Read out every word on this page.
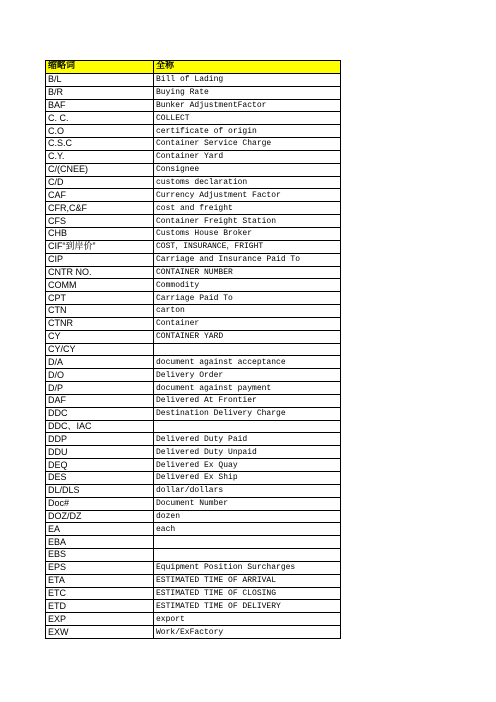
缩略词	全称
B/L	Bill of Lading
B/R	Buying Rate
BAF	Bunker AdjustmentFactor
C. C.	COLLECT
C.O	certificate of origin
C.S.C	Container Service Charge
C.Y.	Container Yard
C/(CNEE)	Consignee
C/D	customs declaration
CAF	Currency Adjustment Factor
CFR,C&F	cost and freight
CFS	Container Freight Station
CHB	Customs House Broker
CIF“到岸价”	COST，INSURANCE，FRIGHT
CIP	Carriage and Insurance Paid To
CNTR NO.	CONTAINER NUMBER
COMM	Commodity
CPT	Carriage Paid To
CTN	carton
CTNR	Container
CY	CONTAINER YARD
CY/CY	
D/A	document against acceptance
D/O	Delivery Order
D/P	document against payment
DAF	Delivered At Frontier
DDC	Destination Delivery Charge
DDC、IAC	
DDP	Delivered Duty Paid
DDU	Delivered Duty Unpaid
DEQ	Delivered Ex Quay
DES	Delivered Ex Ship
DL/DLS	dollar/dollars
Doc#	Document Number
DOZ/DZ	dozen
EA	each
EBA	
EBS	
EPS	Equipment Position Surcharges
ETA	ESTIMATED TIME OF ARRIVAL
ETC	ESTIMATED TIME OF CLOSING
ETD	ESTIMATED TIME OF DELIVERY
EXP	export
EXW	Work/ExFactory
